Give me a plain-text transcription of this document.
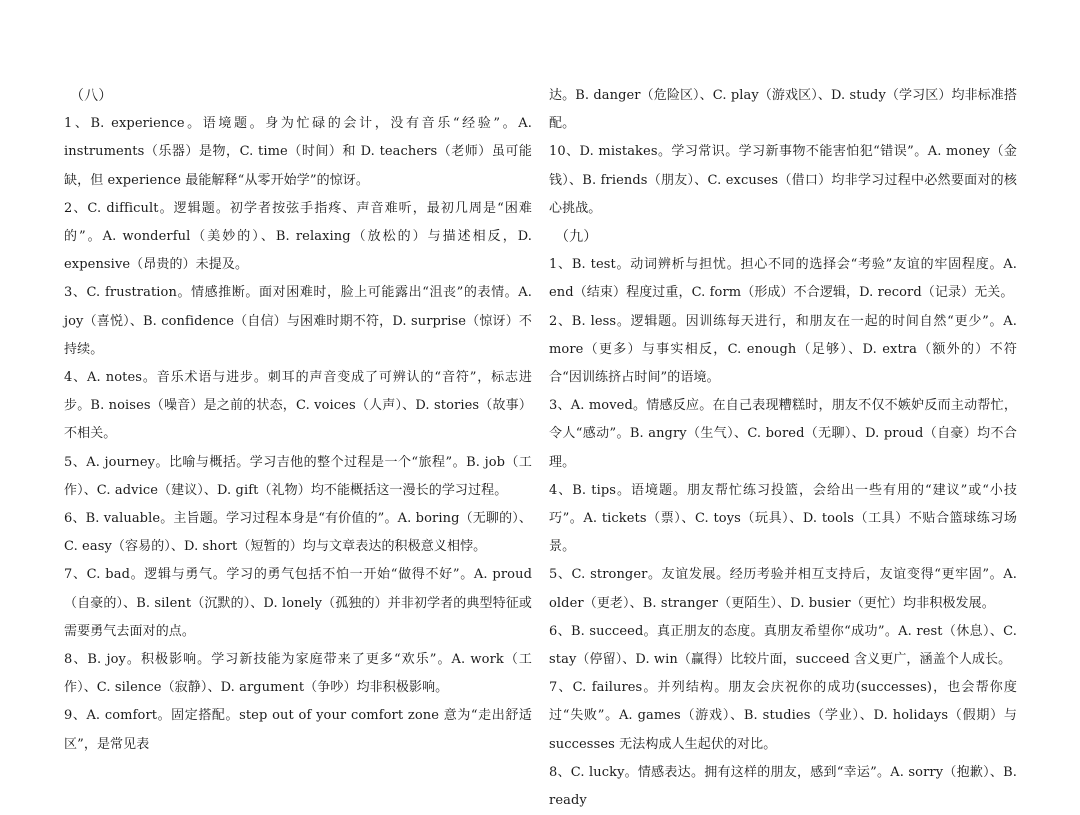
（八）

1、B. experience。语境题。身为忙碌的会计，没有音乐“经验”。A. instruments（乐器）是物，C. time（时间）和 D. teachers（老师）虽可能缺，但 experience 最能解释“从零开始学”的惊讶。

2、C. difficult。逻辑题。初学者按弦手指疼、声音难听，最初几周是“困难的”。A. wonderful（美妙的）、B. relaxing（放松的）与描述相反，D. expensive（昂贵的）未提及。

3、C. frustration。情感推断。面对困难时，脸上可能露出“沮丧”的表情。A. joy（喜悦）、B. confidence（自信）与困难时期不符，D. surprise（惊讶）不持续。

4、A. notes。音乐术语与进步。刺耳的声音变成了可辨认的“音符”，标志进步。B. noises（噪音）是之前的状态，C. voices（人声）、D. stories（故事）不相关。

5、A. journey。比喻与概括。学习吉他的整个过程是一个“旅程”。B. job（工作）、C. advice（建议）、D. gift（礼物）均不能概括这一漫长的学习过程。

6、B. valuable。主旨题。学习过程本身是“有价值的”。A. boring（无聊的）、C. easy（容易的）、D. short（短暂的）均与文章表达的积极意义相悖。

7、C. bad。逻辑与勇气。学习的勇气包括不怕一开始“做得不好”。A. proud（自豪的）、B. silent（沉默的）、D. lonely（孤独的）并非初学者的典型特征或需要勇气去面对的点。

8、B. joy。积极影响。学习新技能为家庭带来了更多“欢乐”。A. work（工作）、C. silence（寂静）、D. argument（争吵）均非积极影响。

9、A. comfort。固定搭配。step out of your comfort zone 意为“走出舒适区”，是常见表

达。B. danger（危险区）、C. play（游戏区）、D. study（学习区）均非标准搭配。

10、D. mistakes。学习常识。学习新事物不能害怕犯“错误”。A. money（金钱）、B. friends（朋友）、C. excuses（借口）均非学习过程中必然要面对的核心挑战。

（九）

1、B. test。动词辨析与担忧。担心不同的选择会“考验”友谊的牢固程度。A. end（结束）程度过重，C. form（形成）不合逻辑，D. record（记录）无关。

2、B. less。逻辑题。因训练每天进行，和朋友在一起的时间自然“更少”。A. more（更多）与事实相反，C. enough（足够）、D. extra（额外的）不符合“因训练挤占时间”的语境。

3、A. moved。情感反应。在自己表现糟糕时，朋友不仅不嫉妒反而主动帮忙，令人“感动”。B. angry（生气）、C. bored（无聊）、D. proud（自豪）均不合理。

4、B. tips。语境题。朋友帮忙练习投篮，会给出一些有用的“建议”或“小技巧”。A. tickets（票）、C. toys（玩具）、D. tools（工具）不贴合篮球练习场景。

5、C. stronger。友谊发展。经历考验并相互支持后，友谊变得“更牢固”。A. older（更老）、B. stranger（更陌生）、D. busier（更忙）均非积极发展。

6、B. succeed。真正朋友的态度。真朋友希望你“成功”。A. rest（休息）、C. stay（停留）、D. win（赢得）比较片面，succeed 含义更广，涵盖个人成长。

7、C. failures。并列结构。朋友会庆祝你的成功(successes)，也会帮你度过“失败”。A. games（游戏）、B. studies（学业）、D. holidays（假期）与 successes 无法构成人生起伏的对比。

8、C. lucky。情感表达。拥有这样的朋友，感到“幸运”。A. sorry（抱歉）、B. ready
